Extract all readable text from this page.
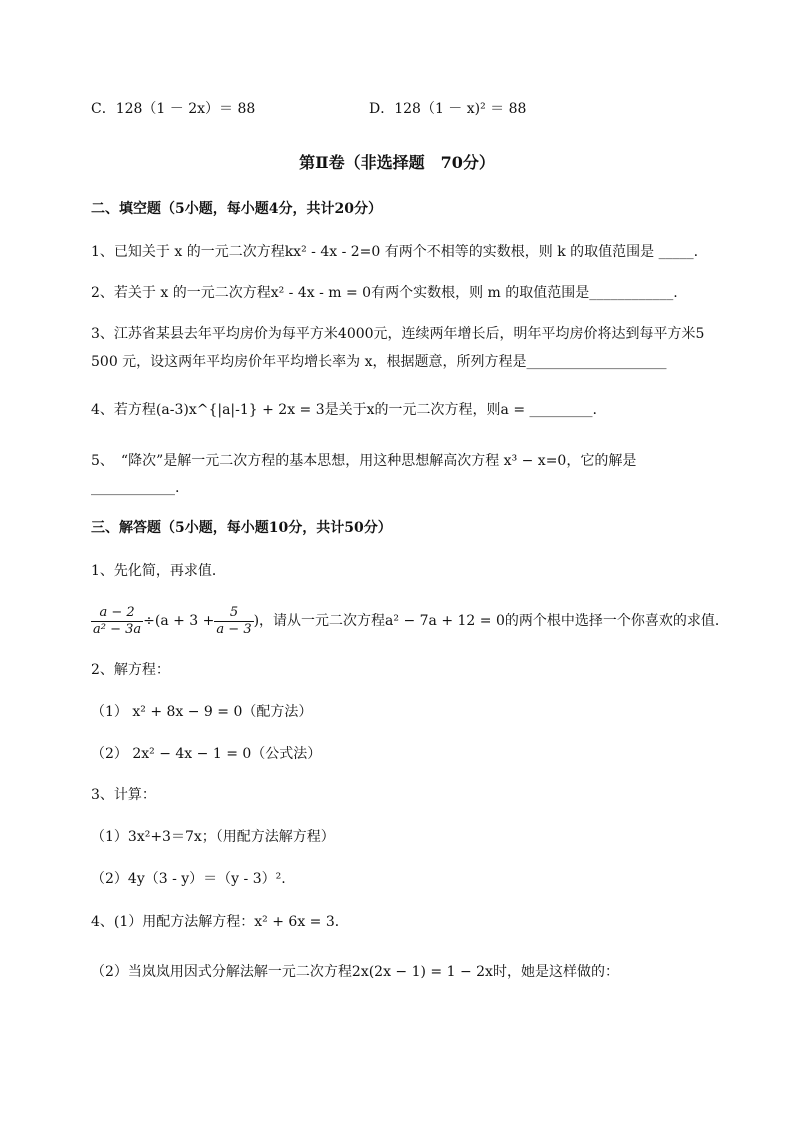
C．128（1 － 2x）＝ 88	D．128（1 － x)² ＝ 88
第Ⅱ卷（非选择题　70分）
二、填空题（5小题，每小题4分，共计20分）
1、已知关于 x 的一元二次方程kx² - 4x - 2=0 有两个不相等的实数根，则 k 的取值范围是 _____.
2、若关于 x 的一元二次方程x² - 4x - m = 0有两个实数根，则 m 的取值范围是____________.
3、江苏省某县去年平均房价为每平方米4000元，连续两年增长后，明年平均房价将达到每平方米5
500 元，设这两年平均房价年平均增长率为 x，根据题意，所列方程是____________________
4、若方程(a-3)x^{|a|-1} + 2x = 3是关于x的一元二次方程，则a = _________.
5、　“降次”是解一元二次方程的基本思想，用这种思想解高次方程 x³ − x=0，它的解是
____________.
三、解答题（5小题，每小题10分，共计50分）
1、先化简，再求值．
$\frac{a - 2}{\text{a² − 3a}} \div(a + 3 + \frac{5}{a - 3}$ )，请从一元二次方程a² − 7a + 12 = 0的两个根中选择一个你喜欢的求值．
2、解方程：
（1） x² + 8x − 9 = 0（配方法）
（2） 2x² − 4x − 1 = 0（公式法）
3、计算：
（1）3x²+3＝7x；（用配方法解方程）
（2）4y（3 - y）＝（y - 3）².
4、(1）用配方法解方程：x² + 6x = 3．
（2）当岚岚用因式分解法解一元二次方程2x(2x − 1) = 1 − 2x时，她是这样做的：
